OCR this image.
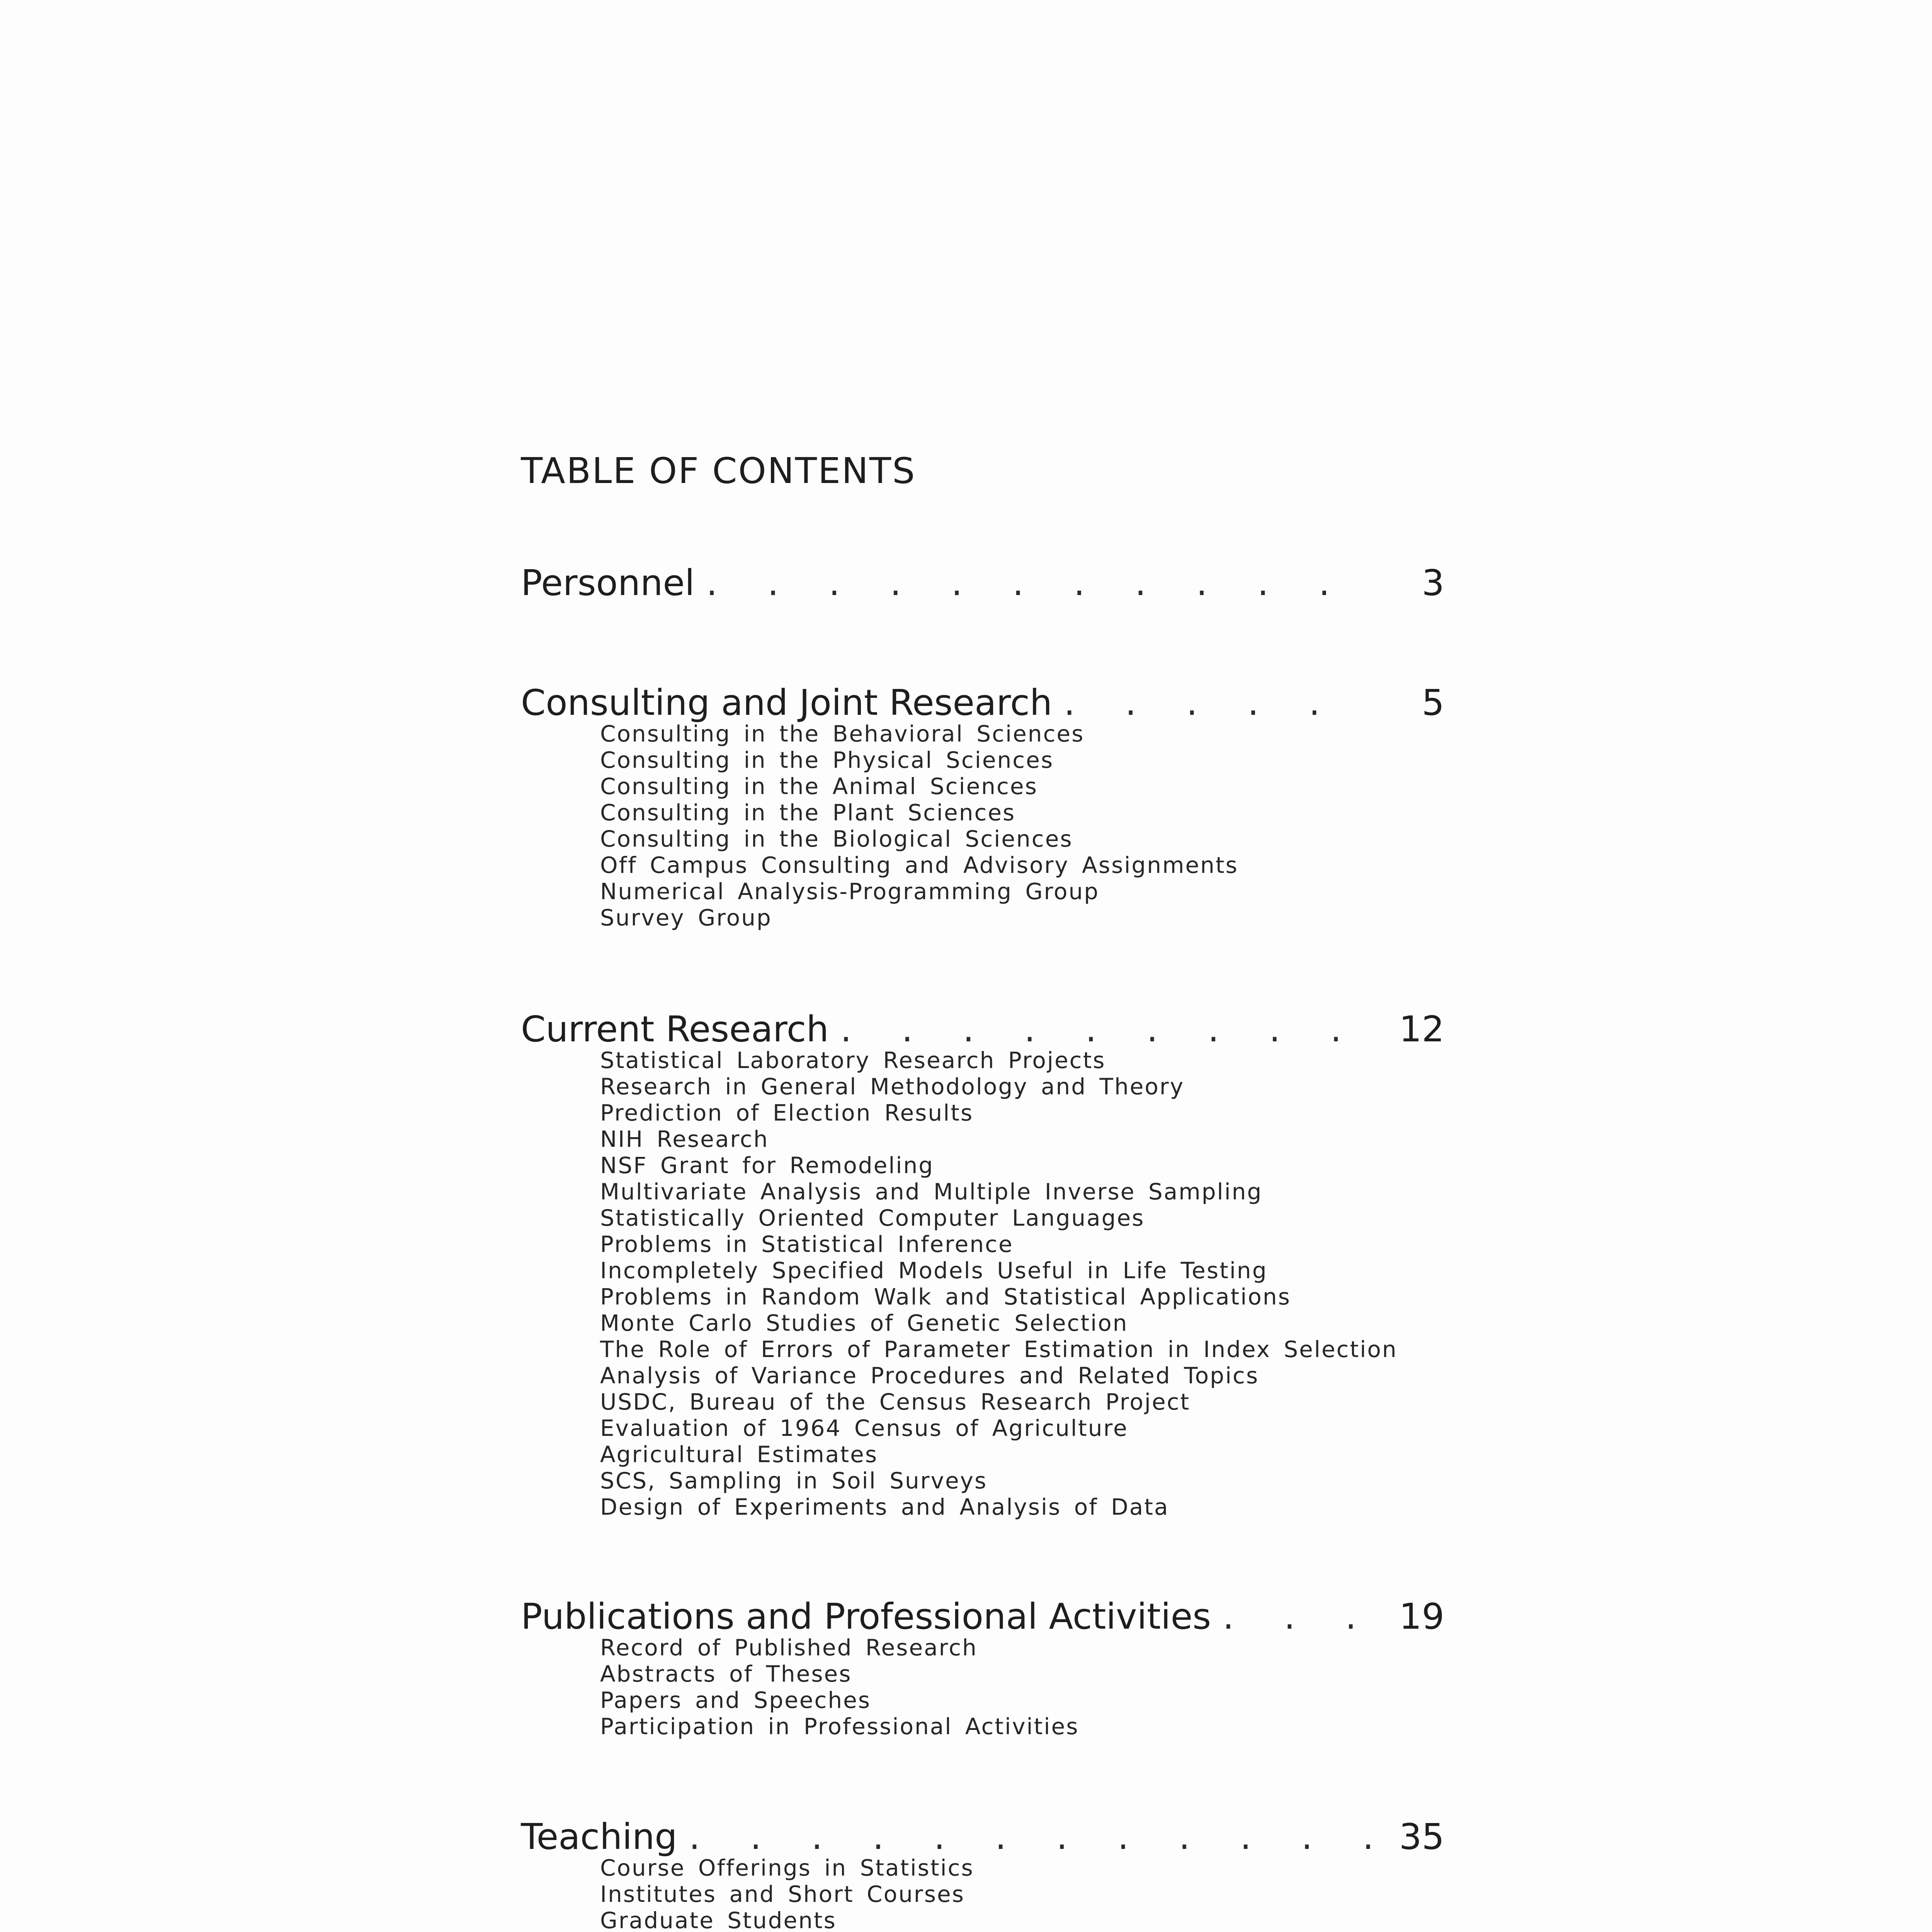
TABLE OF CONTENTS
Personnel . . .	3
Consulting and Joint Research . . .	5
Consulting in the Behavioral Sciences
Consulting in the Physical Sciences
Consulting in the Animal Sciences
Consulting in the Plant Sciences
Consulting in the Biological Sciences
Off Campus Consulting and Advisory Assignments
Numerical Analysis-Programming Group
Survey Group
Current Research . . .	12
Statistical Laboratory Research Projects
Research in General Methodology and Theory
Prediction of Election Results
NIH Research
NSF Grant for Remodeling
Multivariate Analysis and Multiple Inverse Sampling
Statistically Oriented Computer Languages
Problems in Statistical Inference
Incompletely Specified Models Useful in Life Testing
Problems in Random Walk and Statistical Applications
Monte Carlo Studies of Genetic Selection
The Role of Errors of Parameter Estimation in Index Selection
Analysis of Variance Procedures and Related Topics
USDC, Bureau of the Census Research Project
Evaluation of 1964 Census of Agriculture
Agricultural Estimates
SCS, Sampling in Soil Surveys
Design of Experiments and Analysis of Data
Publications and Professional Activities . . .	19
Record of Published Research
Abstracts of Theses
Papers and Speeches
Participation in Professional Activities
Teaching . . .	35
Course Offerings in Statistics
Institutes and Short Courses
Graduate Students
